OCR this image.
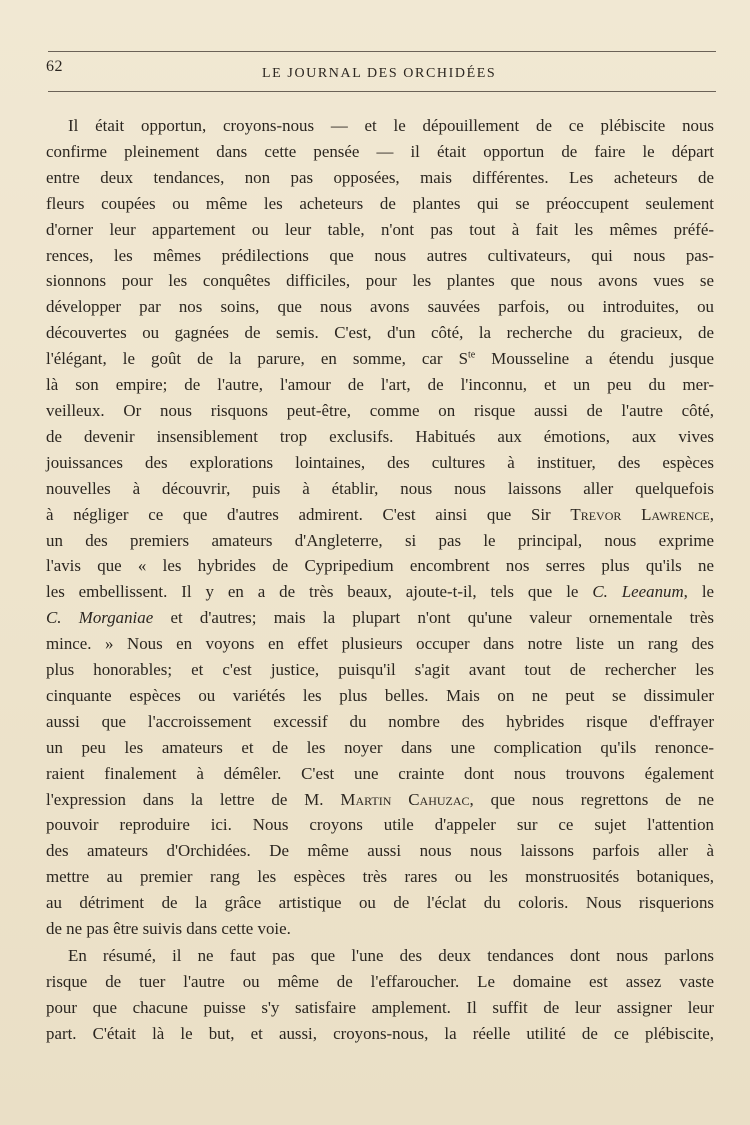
62	LE JOURNAL DES ORCHIDÉES

Il était opportun, croyons-nous — et le dépouillement de ce plébiscite nous
confirme pleinement dans cette pensée — il était opportun de faire le départ
entre deux tendances, non pas opposées, mais différentes. Les acheteurs de
fleurs coupées ou même les acheteurs de plantes qui se préoccupent seulement
d'orner leur appartement ou leur table, n'ont pas tout à fait les mêmes préfé-
rences, les mêmes prédilections que nous autres cultivateurs, qui nous pas-
sionnons pour les conquêtes difficiles, pour les plantes que nous avons vues se
développer par nos soins, que nous avons sauvées parfois, ou introduites, ou
découvertes ou gagnées de semis. C'est, d'un côté, la recherche du gracieux, de
l'élégant, le goût de la parure, en somme, car $S^{te}$ Mousseline a étendu jusque
là son empire; de l'autre, l'amour de l'art, de l'inconnu, et un peu du mer-
veilleux. Or nous risquons peut-être, comme on risque aussi de l'autre côté,
de devenir insensiblement trop exclusifs. Habitués aux émotions, aux vives
jouissances des explorations lointaines, des cultures à instituer, des espèces
nouvelles à découvrir, puis à établir, nous nous laissons aller quelquefois
à négliger ce que d'autres admirent. C'est ainsi que Sir Trevor Lawrence,
un des premiers amateurs d'Angleterre, si pas le principal, nous exprime
l'avis que « les hybrides de Cypripedium encombrent nos serres plus qu'ils ne
les embellissent. Il y en a de très beaux, ajoute-t-il, tels que le C. Leeanum, le
C. Morganiae et d'autres; mais la plupart n'ont qu'une valeur ornementale très
mince. » Nous en voyons en effet plusieurs occuper dans notre liste un rang des
plus honorables; et c'est justice, puisqu'il s'agit avant tout de rechercher les
cinquante espèces ou variétés les plus belles. Mais on ne peut se dissimuler
aussi que l'accroissement excessif du nombre des hybrides risque d'effrayer
un peu les amateurs et de les noyer dans une complication qu'ils renonce-
raient finalement à démêler. C'est une crainte dont nous trouvons également
l'expression dans la lettre de M. Martin Cahuzac, que nous regrettons de ne
pouvoir reproduire ici. Nous croyons utile d'appeler sur ce sujet l'attention
des amateurs d'Orchidées. De même aussi nous nous laissons parfois aller à
mettre au premier rang les espèces très rares ou les monstruosités botaniques,
au détriment de la grâce artistique ou de l'éclat du coloris. Nous risquerions
de ne pas être suivis dans cette voie.

En résumé, il ne faut pas que l'une des deux tendances dont nous parlons
risque de tuer l'autre ou même de l'effaroucher. Le domaine est assez vaste
pour que chacune puisse s'y satisfaire amplement. Il suffit de leur assigner leur
part. C'était là le but, et aussi, croyons-nous, la réelle utilité de ce plébiscite,
